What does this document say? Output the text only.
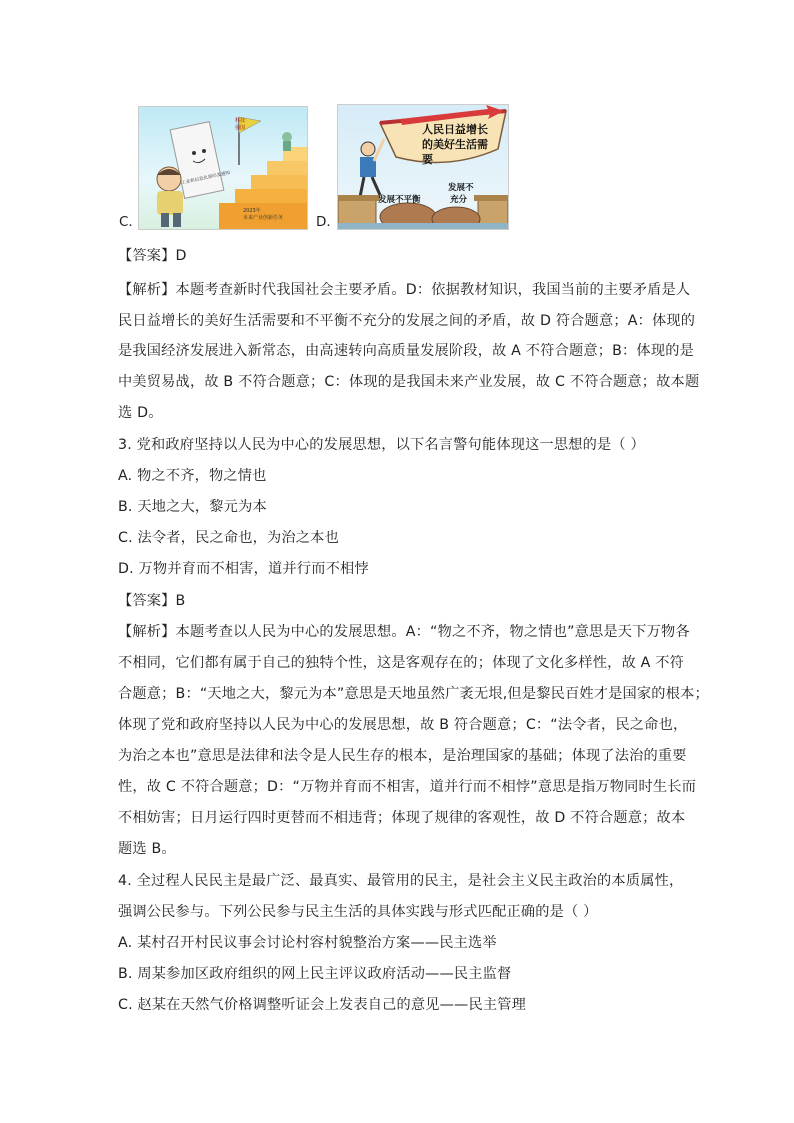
C.
科技
强国
工业和信息化部印发通知
2023年
未来产业创新任务 D.
人民日益增长
的美好生活需
要
发展不平衡
发展不
充分
【答案】D
【解析】本题考查新时代我国社会主要矛盾。D：依据教材知识，我国当前的主要矛盾是人
民日益增长的美好生活需要和不平衡不充分的发展之间的矛盾，故 D 符合题意；A：体现的
是我国经济发展进入新常态，由高速转向高质量发展阶段，故 A 不符合题意；B：体现的是
中美贸易战，故 B 不符合题意；C：体现的是我国未来产业发展，故 C 不符合题意；故本题
选 D。
3. 党和政府坚持以人民为中心的发展思想，以下名言警句能体现这一思想的是（ ）
A. 物之不齐，物之情也
B. 天地之大，黎元为本
C. 法令者，民之命也，为治之本也
D. 万物并育而不相害，道并行而不相悖
【答案】B
【解析】本题考查以人民为中心的发展思想。A：“物之不齐，物之情也”意思是天下万物各
不相同，它们都有属于自己的独特个性，这是客观存在的；体现了文化多样性，故 A 不符
合题意；B：“天地之大，黎元为本”意思是天地虽然广袤无垠,但是黎民百姓才是国家的根本；
体现了党和政府坚持以人民为中心的发展思想，故 B 符合题意；C：“法令者，民之命也，
为治之本也”意思是法律和法令是人民生存的根本，是治理国家的基础；体现了法治的重要
性，故 C 不符合题意；D：“万物并育而不相害，道并行而不相悖”意思是指万物同时生长而
不相妨害；日月运行四时更替而不相违背；体现了规律的客观性，故 D 不符合题意；故本
题选 B。
4. 全过程人民民主是最广泛、最真实、最管用的民主，是社会主义民主政治的本质属性，
强调公民参与。下列公民参与民主生活的具体实践与形式匹配正确的是（ ）
A. 某村召开村民议事会讨论村容村貌整治方案——民主选举
B. 周某参加区政府组织的网上民主评议政府活动——民主监督
C. 赵某在天然气价格调整听证会上发表自己的意见——民主管理
